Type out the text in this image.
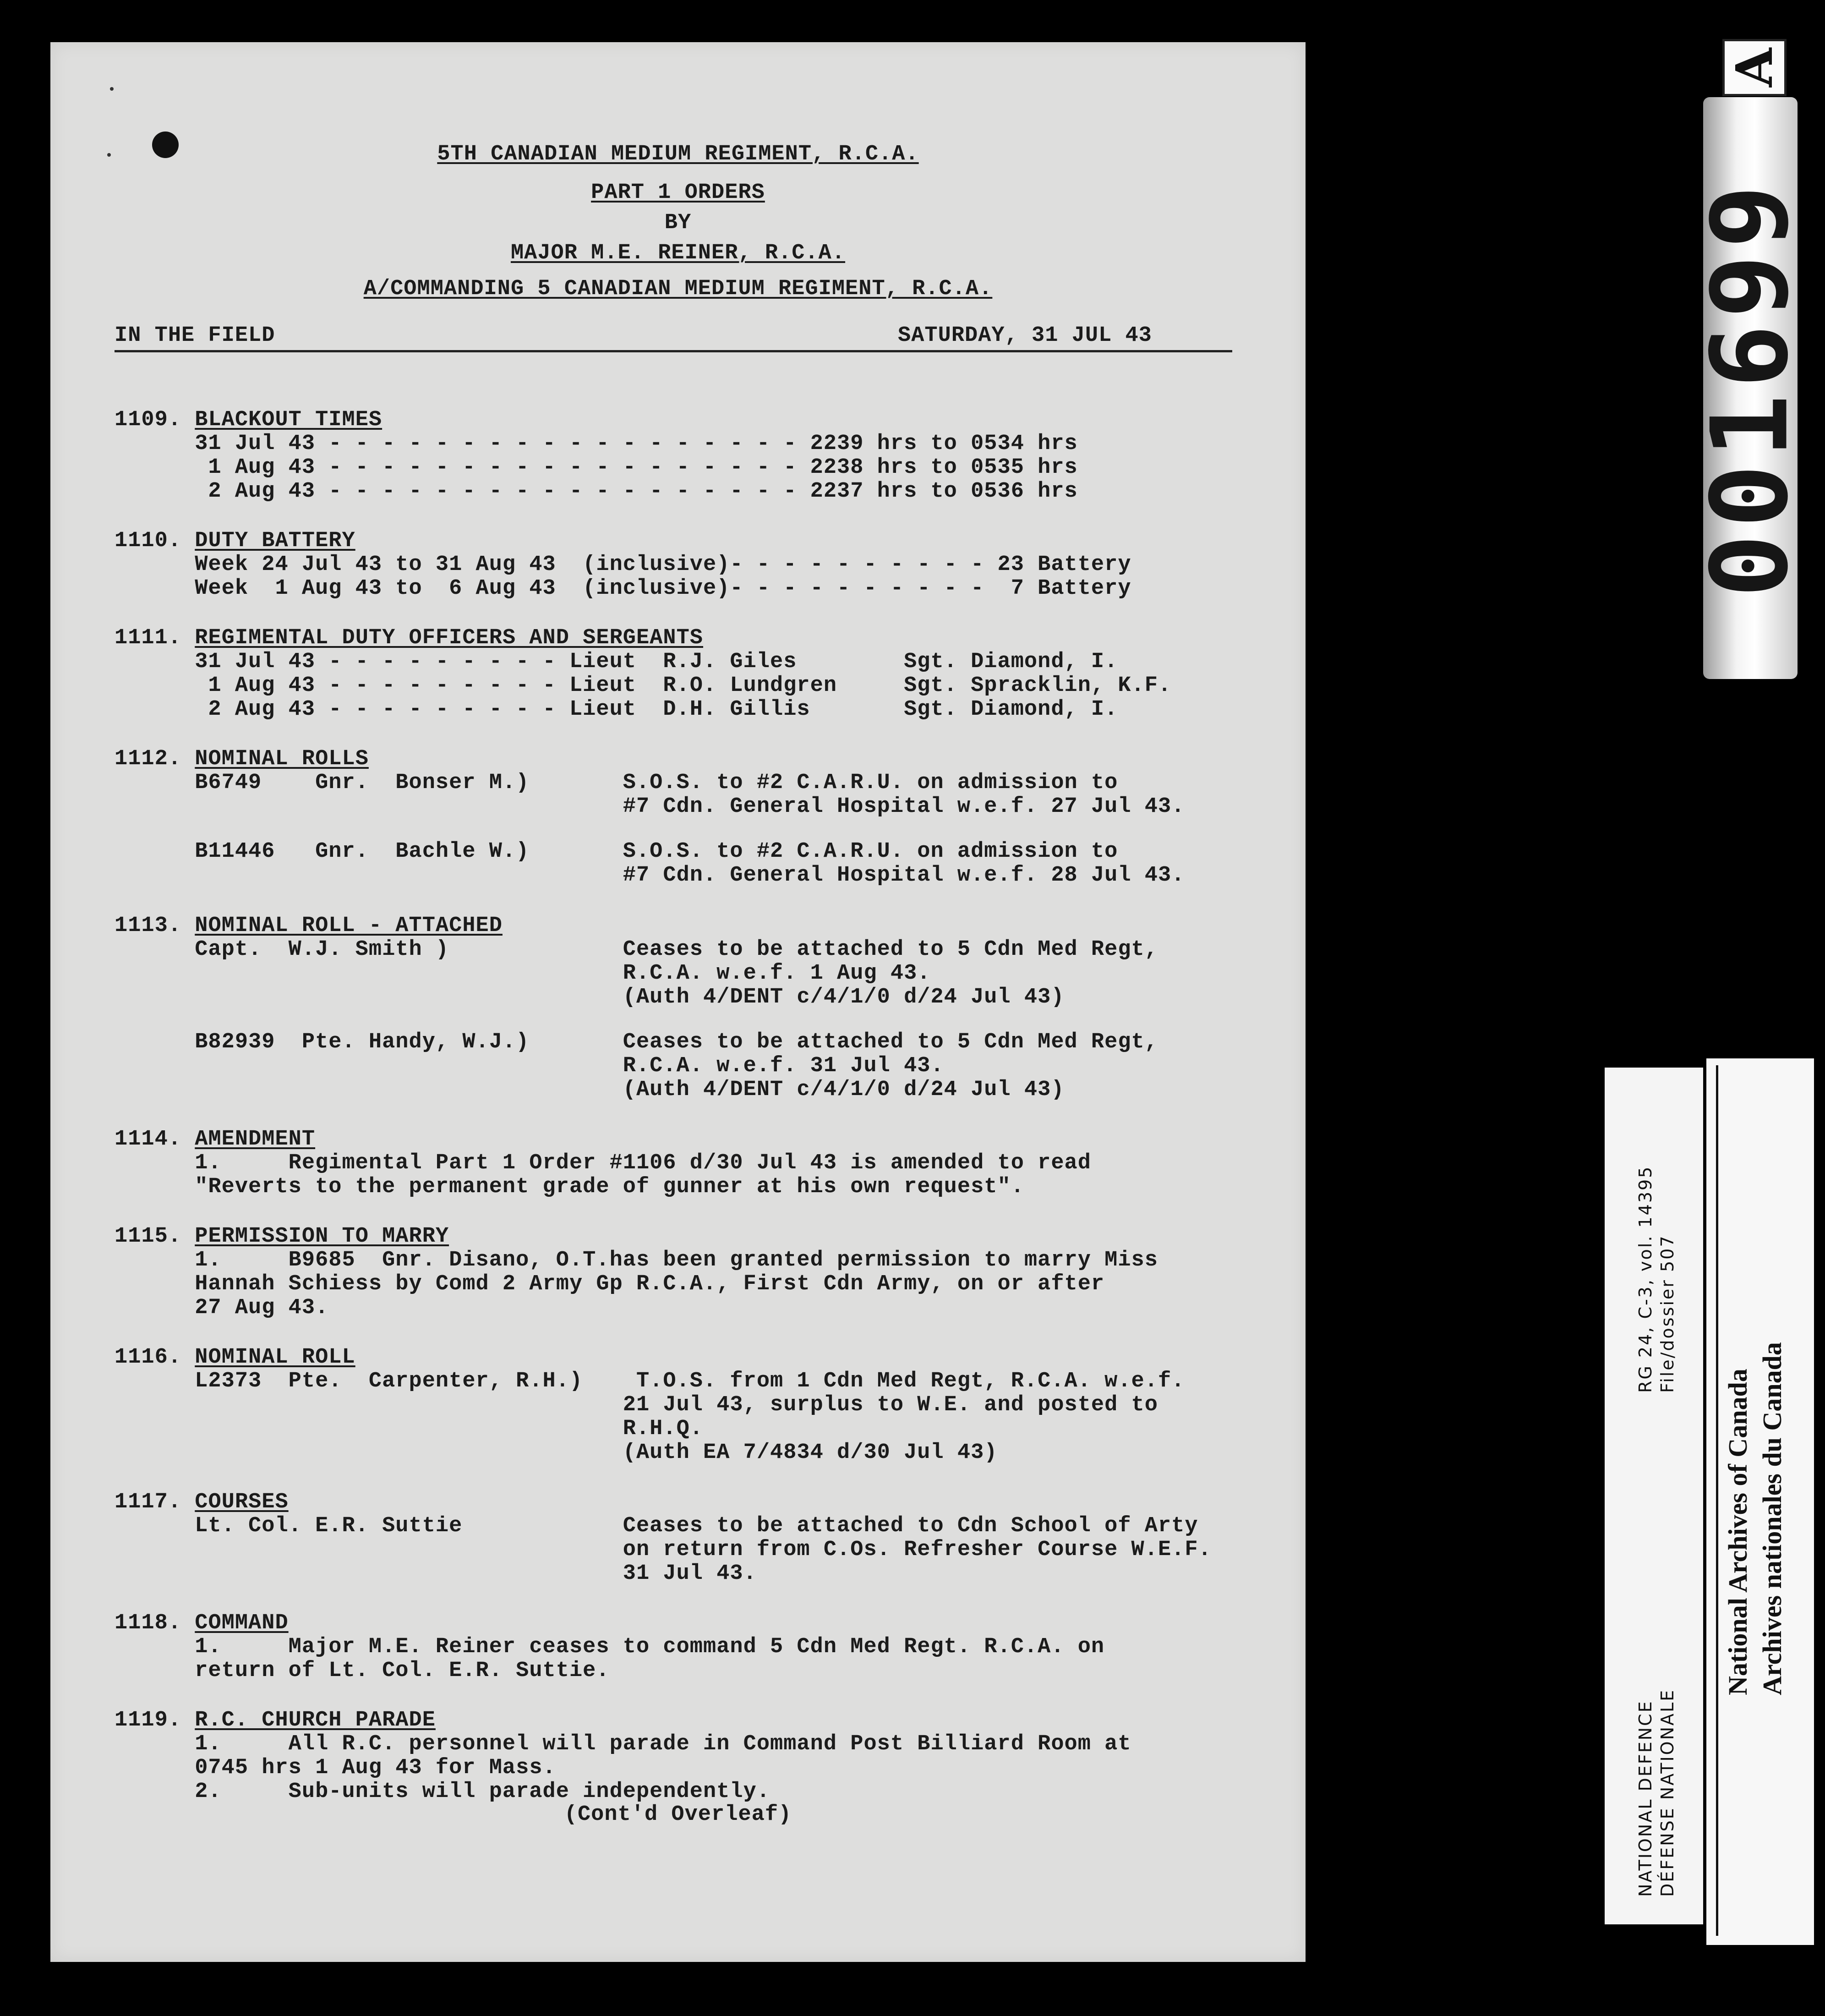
5TH CANADIAN MEDIUM REGIMENT, R.C.A.
PART 1 ORDERS
BY
MAJOR M.E. REINER, R.C.A.
A/COMMANDING 5 CANADIAN MEDIUM REGIMENT, R.C.A.
IN THE FIELD	SATURDAY, 31 JUL 43
1109. BLACKOUT TIMES
31 Jul 43 - - - - - - - - - - - - - - - - - - 2239 hrs to 0534 hrs
1 Aug 43 - - - - - - - - - - - - - - - - - - 2238 hrs to 0535 hrs
2 Aug 43 - - - - - - - - - - - - - - - - - - 2237 hrs to 0536 hrs
1110. DUTY BATTERY
Week 24 Jul 43 to 31 Aug 43  (inclusive)- - - - - - - - - - 23 Battery
Week  1 Aug 43 to  6 Aug 43  (inclusive)- - - - - - - - - -  7 Battery
1111. REGIMENTAL DUTY OFFICERS AND SERGEANTS
31 Jul 43 - - - - - - - - - Lieut  R.J. Giles        Sgt. Diamond, I.
1 Aug 43 - - - - - - - - - Lieut  R.O. Lundgren     Sgt. Spracklin, K.F.
2 Aug 43 - - - - - - - - - Lieut  D.H. Gillis       Sgt. Diamond, I.
1112. NOMINAL ROLLS
B6749    Gnr.  Bonser M.)       S.O.S. to #2 C.A.R.U. on admission to
#7 Cdn. General Hospital w.e.f. 27 Jul 43.
B11446   Gnr.  Bachle W.)       S.O.S. to #2 C.A.R.U. on admission to
#7 Cdn. General Hospital w.e.f. 28 Jul 43.
1113. NOMINAL ROLL - ATTACHED
Capt.  W.J. Smith )             Ceases to be attached to 5 Cdn Med Regt,
R.C.A. w.e.f. 1 Aug 43.
(Auth 4/DENT c/4/1/0 d/24 Jul 43)
B82939  Pte. Handy, W.J.)       Ceases to be attached to 5 Cdn Med Regt,
R.C.A. w.e.f. 31 Jul 43.
(Auth 4/DENT c/4/1/0 d/24 Jul 43)
1114. AMENDMENT
1.     Regimental Part 1 Order #1106 d/30 Jul 43 is amended to read
"Reverts to the permanent grade of gunner at his own request".
1115. PERMISSION TO MARRY
1.     B9685  Gnr. Disano, O.T.has been granted permission to marry Miss
Hannah Schiess by Comd 2 Army Gp R.C.A., First Cdn Army, on or after
27 Aug 43.
1116. NOMINAL ROLL
L2373  Pte.  Carpenter, R.H.)    T.O.S. from 1 Cdn Med Regt, R.C.A. w.e.f.
21 Jul 43, surplus to W.E. and posted to
R.H.Q.
(Auth EA 7/4834 d/30 Jul 43)
1117. COURSES
Lt. Col. E.R. Suttie            Ceases to be attached to Cdn School of Arty
on return from C.Os. Refresher Course W.E.F.
31 Jul 43.
1118. COMMAND
1.     Major M.E. Reiner ceases to command 5 Cdn Med Regt. R.C.A. on
return of Lt. Col. E.R. Suttie.
1119. R.C. CHURCH PARADE
1.     All R.C. personnel will parade in Command Post Billiard Room at
0745 hrs 1 Aug 43 for Mass.
2.     Sub-units will parade independently.
(Cont'd Overleaf)
A
001699
RG 24, C-3, vol. 14395 File/dossier 507
NATIONAL DEFENCE DÉFENSE NATIONALE
National Archives of Canada Archives nationales du Canada
